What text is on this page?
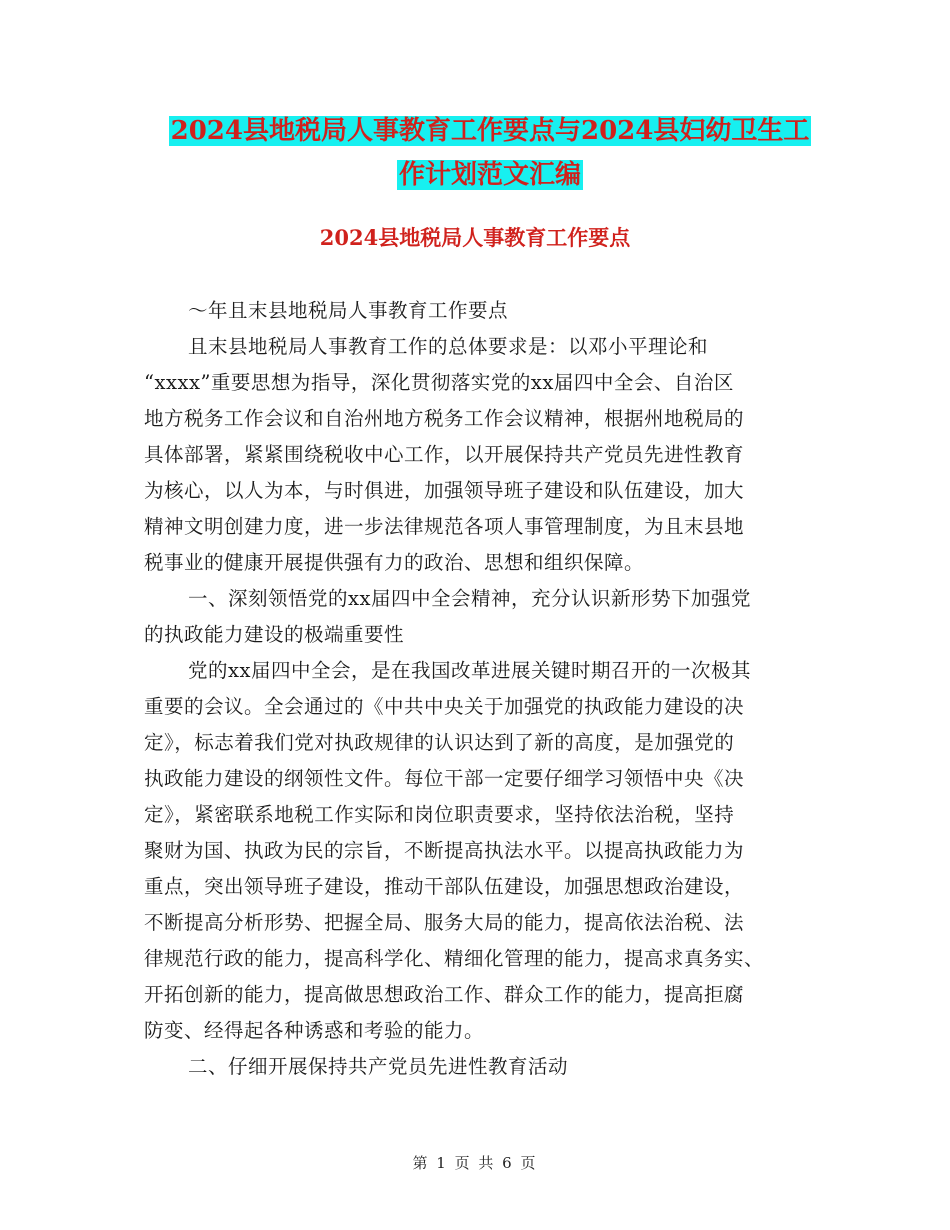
2024县地税局人事教育工作要点与2024县妇幼卫生工
作计划范文汇编
2024县地税局人事教育工作要点
～年且末县地税局人事教育工作要点
且末县地税局人事教育工作的总体要求是：以邓小平理论和
“xxxx”重要思想为指导，深化贯彻落实党的xx届四中全会、自治区
地方税务工作会议和自治州地方税务工作会议精神，根据州地税局的
具体部署，紧紧围绕税收中心工作，以开展保持共产党员先进性教育
为核心，以人为本，与时俱进，加强领导班子建设和队伍建设，加大
精神文明创建力度，进一步法律规范各项人事管理制度，为且末县地
税事业的健康开展提供强有力的政治、思想和组织保障。
一、深刻领悟党的xx届四中全会精神，充分认识新形势下加强党
的执政能力建设的极端重要性
党的xx届四中全会，是在我国改革进展关键时期召开的一次极其
重要的会议。全会通过的《中共中央关于加强党的执政能力建设的决
定》，标志着我们党对执政规律的认识达到了新的高度，是加强党的
执政能力建设的纲领性文件。每位干部一定要仔细学习领悟中央《决
定》，紧密联系地税工作实际和岗位职责要求，坚持依法治税，坚持
聚财为国、执政为民的宗旨，不断提高执法水平。以提高执政能力为
重点，突出领导班子建设，推动干部队伍建设，加强思想政治建设，
不断提高分析形势、把握全局、服务大局的能力，提高依法治税、法
律规范行政的能力，提高科学化、精细化管理的能力，提高求真务实、
开拓创新的能力，提高做思想政治工作、群众工作的能力，提高拒腐
防变、经得起各种诱惑和考验的能力。
二、仔细开展保持共产党员先进性教育活动
第 1 页 共 6 页
